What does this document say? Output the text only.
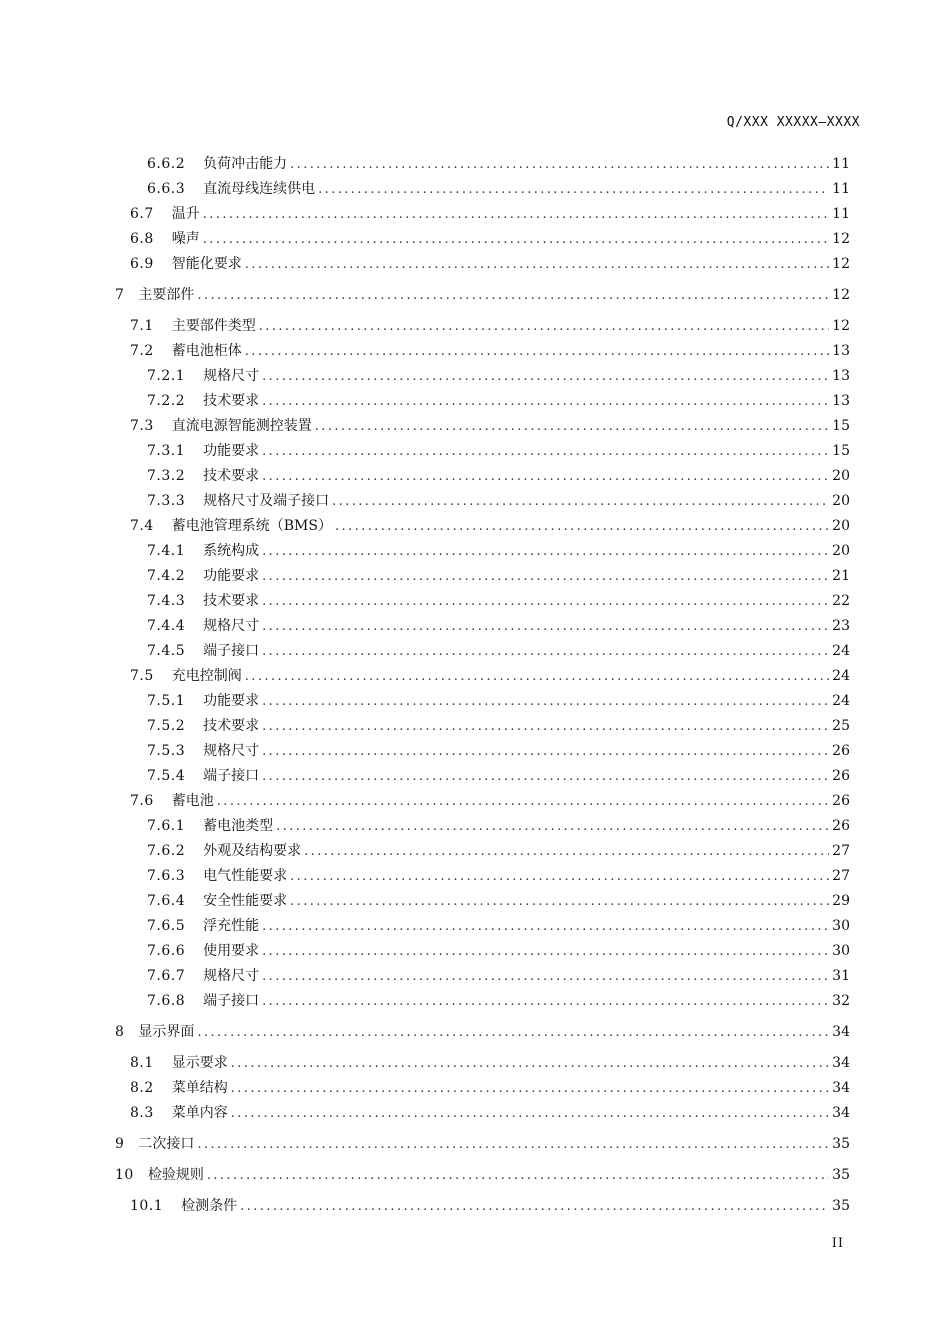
Q/XXX XXXXX—XXXX
6.6.2 负荷冲击能力 .....	11
6.6.3 直流母线连续供电 .....	11
6.7 温升 .....	11
6.8 噪声 .....	12
6.9 智能化要求 .....	12
7 主要部件 .....	12
7.1 主要部件类型 .....	12
7.2 蓄电池柜体 .....	13
7.2.1 规格尺寸 .....	13
7.2.2 技术要求 .....	13
7.3 直流电源智能测控装置 .....	15
7.3.1 功能要求 .....	15
7.3.2 技术要求 .....	20
7.3.3 规格尺寸及端子接口 .....	20
7.4 蓄电池管理系统（BMS） .....	20
7.4.1 系统构成 .....	20
7.4.2 功能要求 .....	21
7.4.3 技术要求 .....	22
7.4.4 规格尺寸 .....	23
7.4.5 端子接口 .....	24
7.5 充电控制阀 .....	24
7.5.1 功能要求 .....	24
7.5.2 技术要求 .....	25
7.5.3 规格尺寸 .....	26
7.5.4 端子接口 .....	26
7.6 蓄电池 .....	26
7.6.1 蓄电池类型 .....	26
7.6.2 外观及结构要求 .....	27
7.6.3 电气性能要求 .....	27
7.6.4 安全性能要求 .....	29
7.6.5 浮充性能 .....	30
7.6.6 使用要求 .....	30
7.6.7 规格尺寸 .....	31
7.6.8 端子接口 .....	32
8 显示界面 .....	34
8.1 显示要求 .....	34
8.2 菜单结构 .....	34
8.3 菜单内容 .....	34
9 二次接口 .....	35
10 检验规则 .....	35
10.1 检测条件 .....	35
II
